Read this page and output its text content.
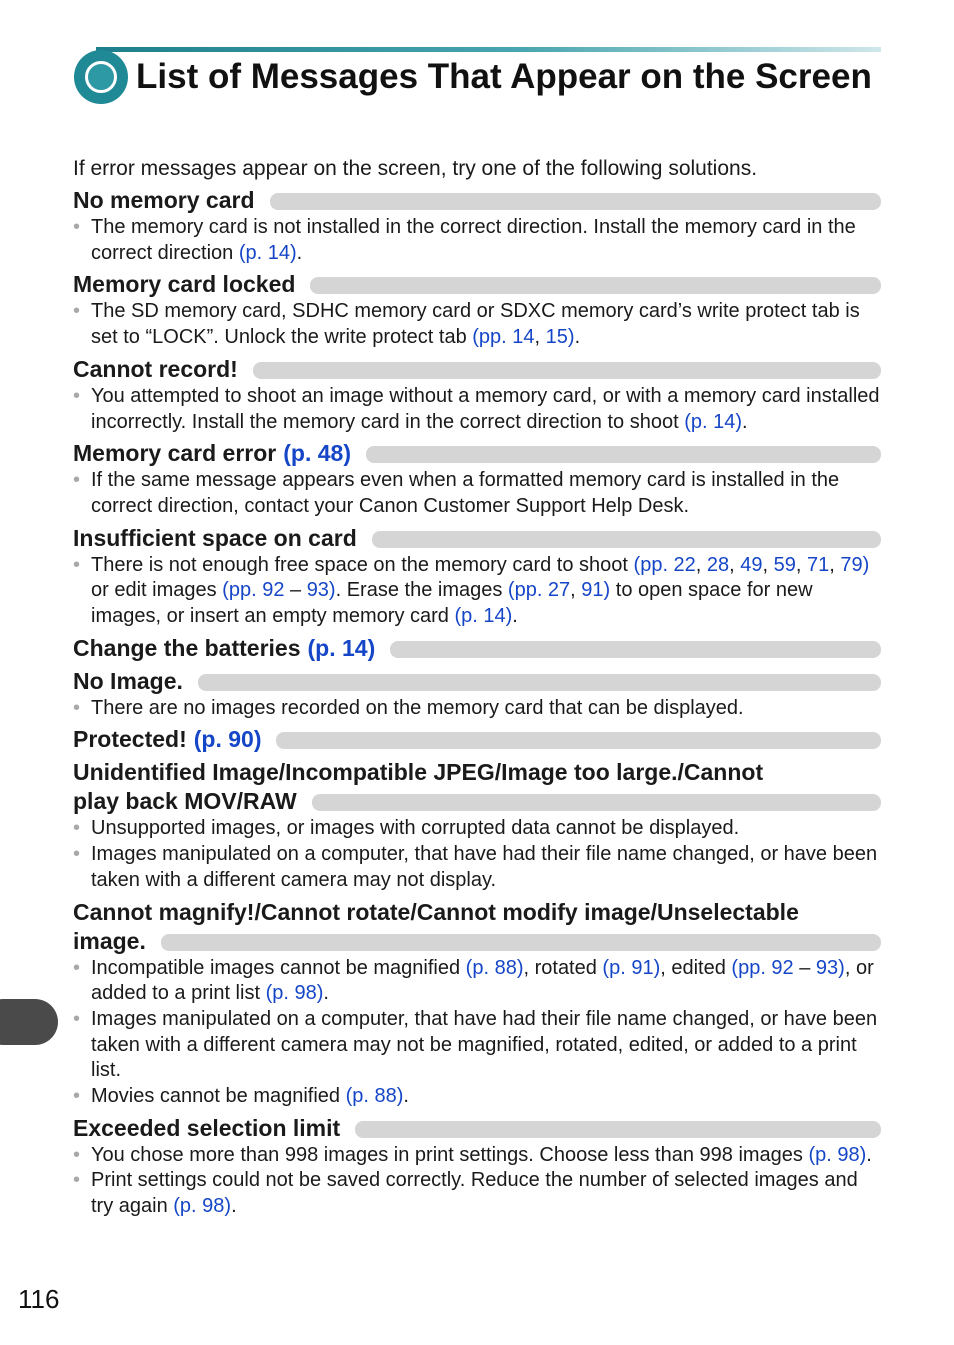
List of Messages That Appear on the Screen
If error messages appear on the screen, try one of the following solutions.
No memory card
• The memory card is not installed in the correct direction. Install the memory card in the correct direction (p. 14).
Memory card locked
• The SD memory card, SDHC memory card or SDXC memory card’s write protect tab is set to “LOCK”. Unlock the write protect tab (pp. 14, 15).
Cannot record!
• You attempted to shoot an image without a memory card, or with a memory card installed incorrectly. Install the memory card in the correct direction to shoot (p. 14).
Memory card error (p. 48)
• If the same message appears even when a formatted memory card is installed in the correct direction, contact your Canon Customer Support Help Desk.
Insufficient space on card
• There is not enough free space on the memory card to shoot (pp. 22, 28, 49, 59, 71, 79) or edit images (pp. 92 – 93). Erase the images (pp. 27, 91) to open space for new images, or insert an empty memory card (p. 14).
Change the batteries (p. 14)
No Image.
• There are no images recorded on the memory card that can be displayed.
Protected! (p. 90)
Unidentified Image/Incompatible JPEG/Image too large./Cannot
play back MOV/RAW
• Unsupported images, or images with corrupted data cannot be displayed.
• Images manipulated on a computer, that have had their file name changed, or have been taken with a different camera may not display.
Cannot magnify!/Cannot rotate/Cannot modify image/Unselectable
image.
• Incompatible images cannot be magnified (p. 88), rotated (p. 91), edited (pp. 92 – 93), or added to a print list (p. 98).
• Images manipulated on a computer, that have had their file name changed, or have been taken with a different camera may not be magnified, rotated, edited, or added to a print list.
• Movies cannot be magnified (p. 88).
Exceeded selection limit
• You chose more than 998 images in print settings. Choose less than 998 images (p. 98).
• Print settings could not be saved correctly. Reduce the number of selected images and try again (p. 98).
116
